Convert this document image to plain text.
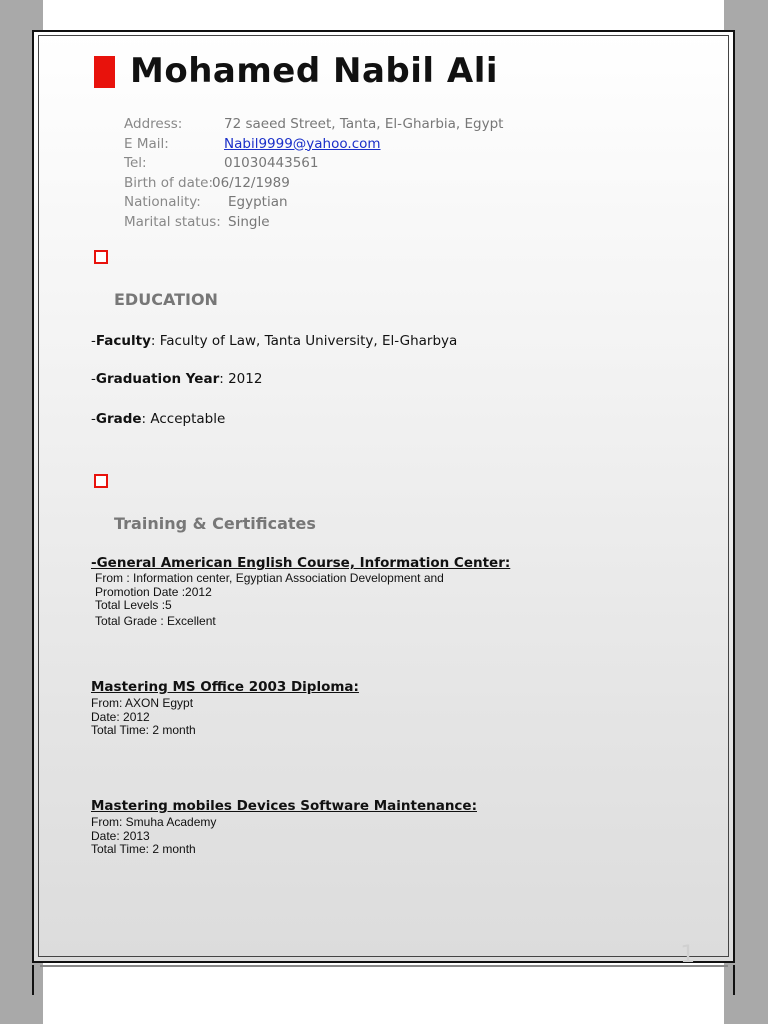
Mohamed Nabil Ali
Address:	72 saeed Street, Tanta, El-Gharbia, Egypt
E Mail:	Nabil9999@yahoo.com
Tel:	01030443561
Birth of date: 06/12/1989
Nationality: Egyptian
Marital status: Single
EDUCATION
-Faculty: Faculty of Law, Tanta University, El-Gharbya
-Graduation Year: 2012
-Grade: Acceptable
Training & Certificates
-General American English Course, Information Center:
From : Information center, Egyptian Association Development and
Promotion Date :2012
Total Levels :5
Total Grade : Excellent
Mastering MS Office 2003 Diploma:
From: AXON Egypt
Date: 2012
Total Time: 2 month
Mastering mobiles Devices Software Maintenance:
From: Smuha Academy
Date: 2013
Total Time: 2 month
1
